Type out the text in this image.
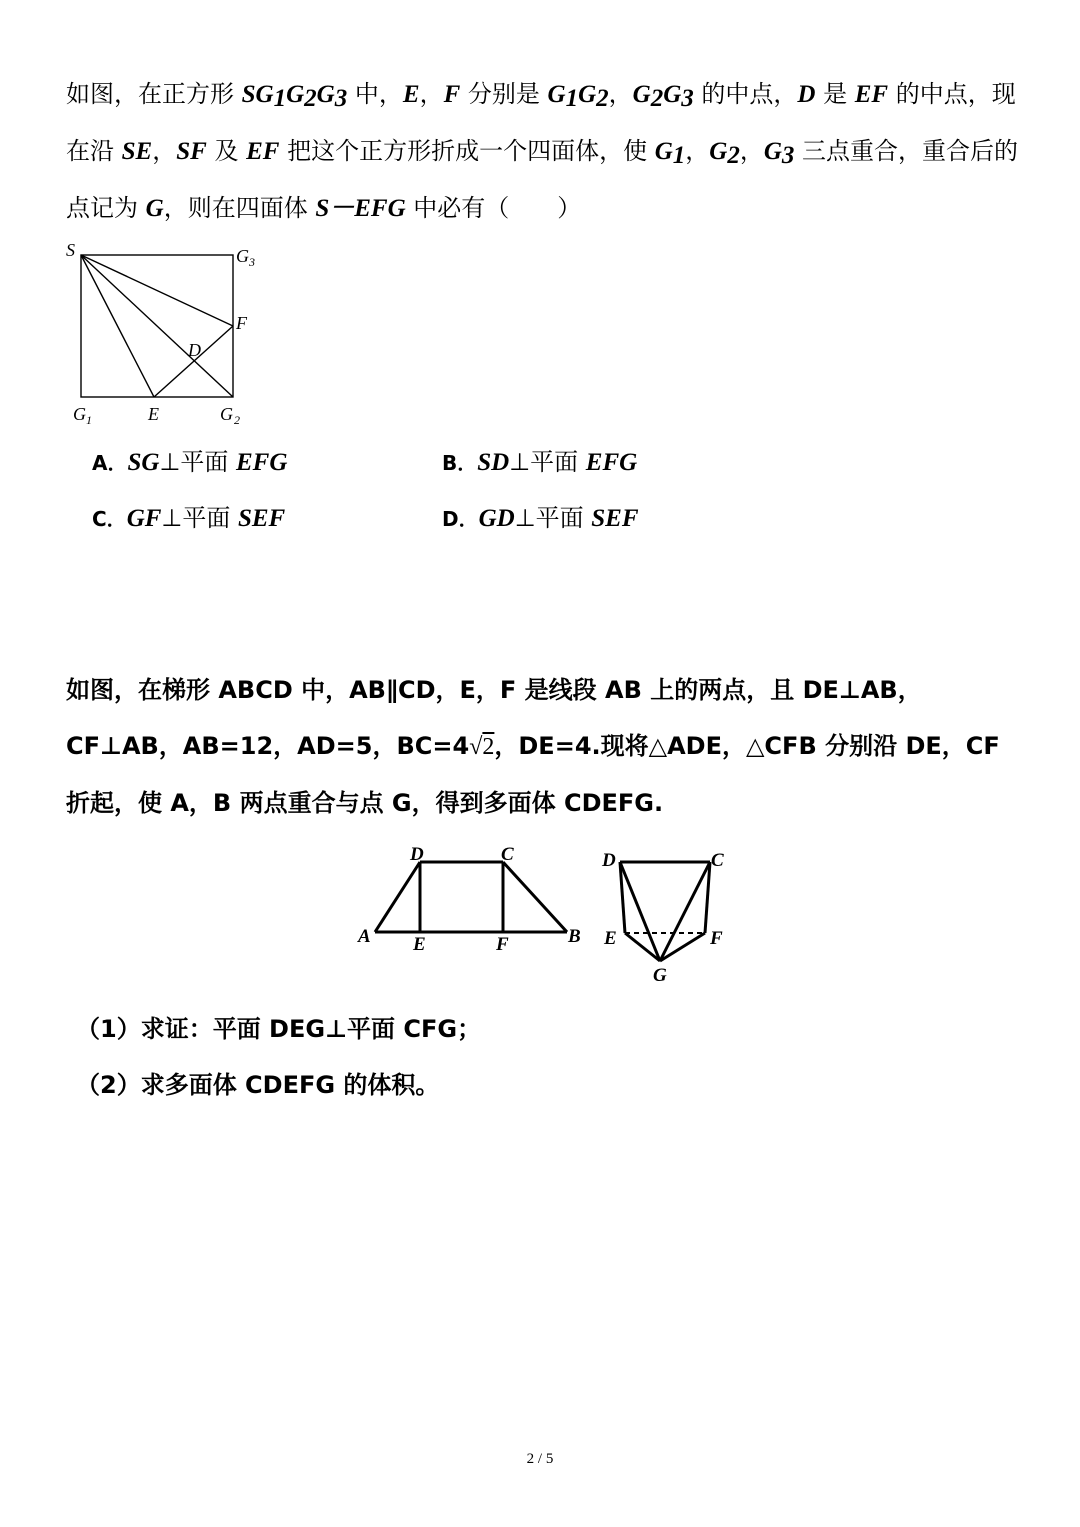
如图，在正方形 $SG_1G_2G_3$ 中，E，F 分别是 $G_1G_2$，$G_2G_3$ 的中点，D 是 EF 的中点，现在沿 SE，SF 及 EF 把这个正方形折成一个四面体，使 $G_1$，$G_2$，$G_3$ 三点重合，重合后的点记为 G，则在四面体 S－EFG 中必有（　　）
S	G 3
F
D
G 1	E	G 2
A．SG⊥平面 EFG	B．SD⊥平面 EFG
C．GF⊥平面 SEF	D．GD⊥平面 SEF
如图，在梯形 ABCD 中，AB∥CD，E，F 是线段 AB 上的两点，且 DE⊥AB，CF⊥AB，AB=12，AD=5，BC=4√2，DE=4.现将△ADE，△CFB 分别沿 DE，CF 折起，使 A，B 两点重合与点 G，得到多面体 CDEFG.
D	C
A E	F	B
D	C
E	F
G
（1）求证：平面 DEG⊥平面 CFG；
（2）求多面体 CDEFG 的体积。
2 / 5
